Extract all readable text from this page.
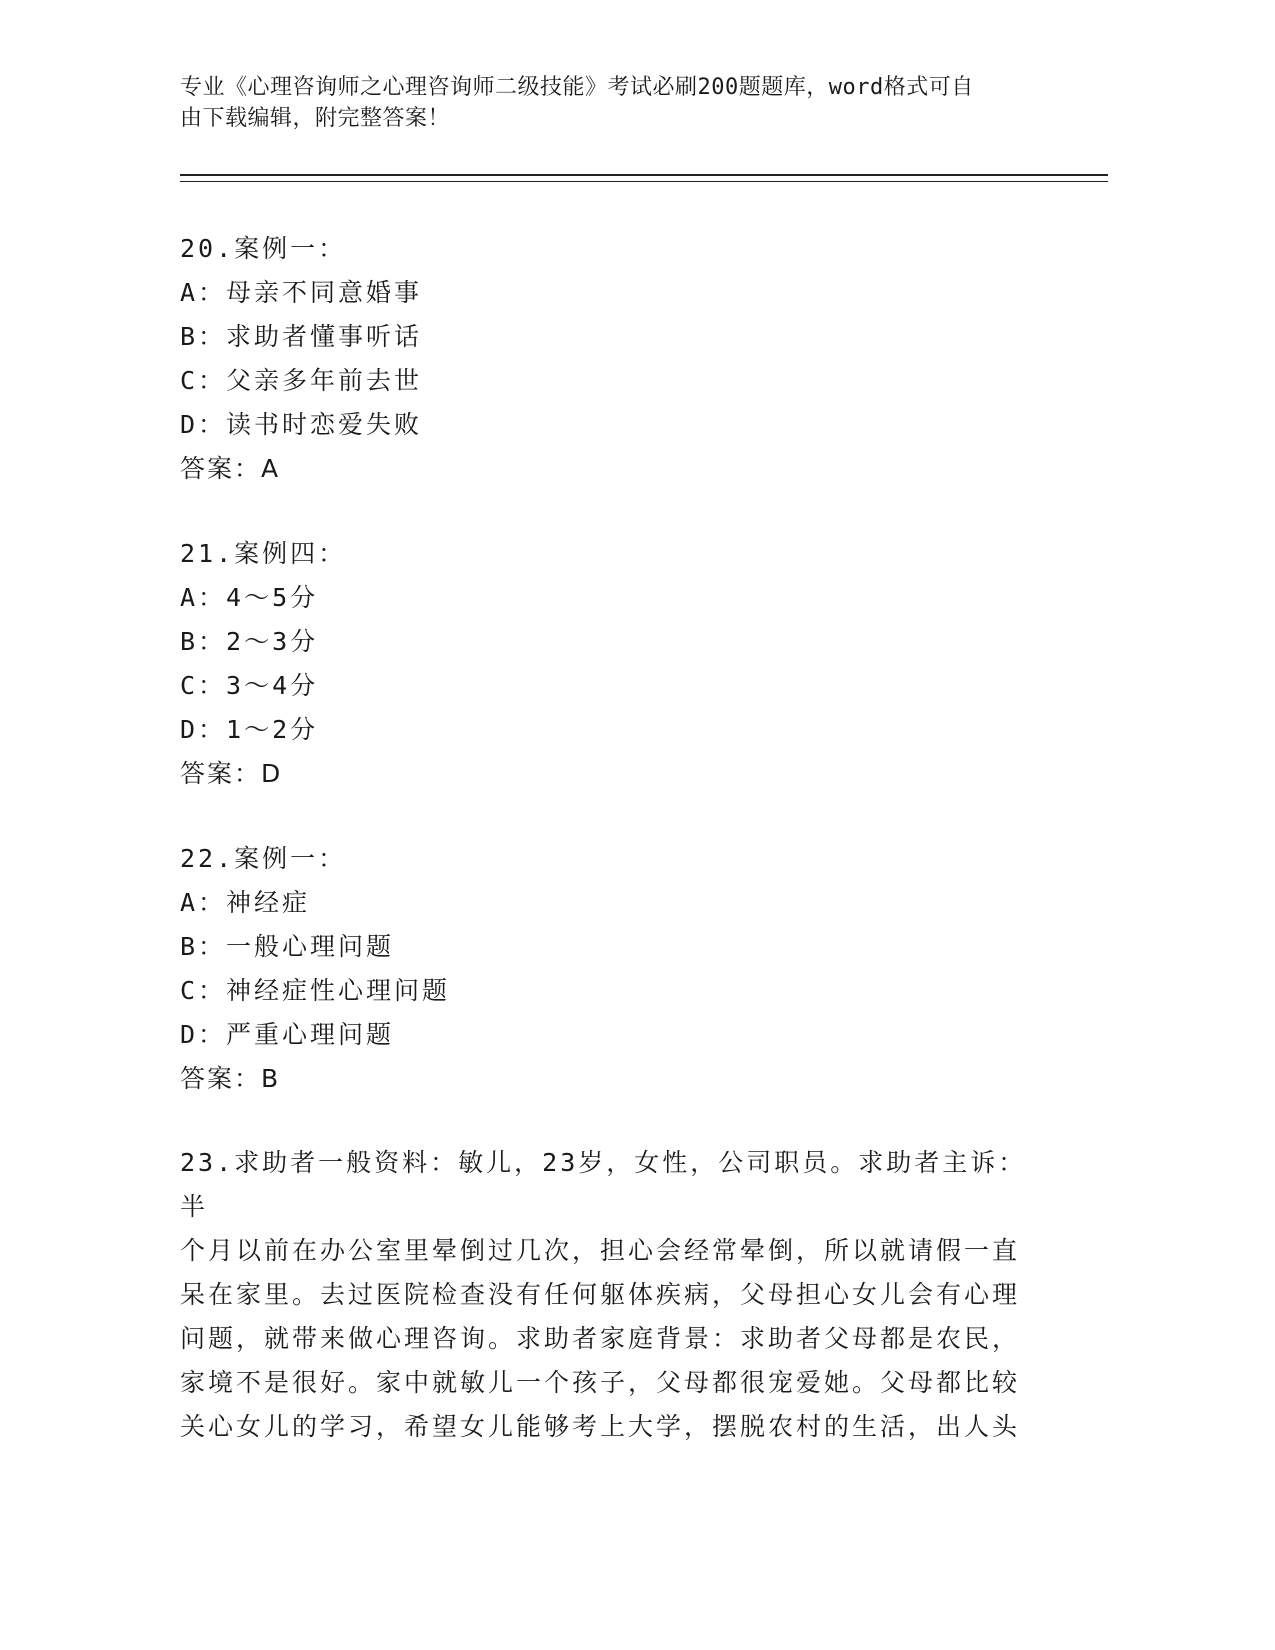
专业《心理咨询师之心理咨询师二级技能》考试必刷200题题库，word格式可自

由下载编辑，附完整答案！

20.案例一：
A：母亲不同意婚事
B：求助者懂事听话
C：父亲多年前去世
D：读书时恋爱失败
答案：A
21.案例四：
A：4～5分
B：2～3分
C：3～4分
D：1～2分
答案：D
22.案例一：
A：神经症
B：一般心理问题
C：神经症性心理问题
D：严重心理问题
答案：B

23.求助者一般资料：敏儿，23岁，女性，公司职员。求助者主诉：半

个月以前在办公室里晕倒过几次，担心会经常晕倒，所以就请假一直

呆在家里。去过医院检查没有任何躯体疾病，父母担心女儿会有心理

问题，就带来做心理咨询。求助者家庭背景：求助者父母都是农民，

家境不是很好。家中就敏儿一个孩子，父母都很宠爱她。父母都比较

关心女儿的学习，希望女儿能够考上大学，摆脱农村的生活，出人头
